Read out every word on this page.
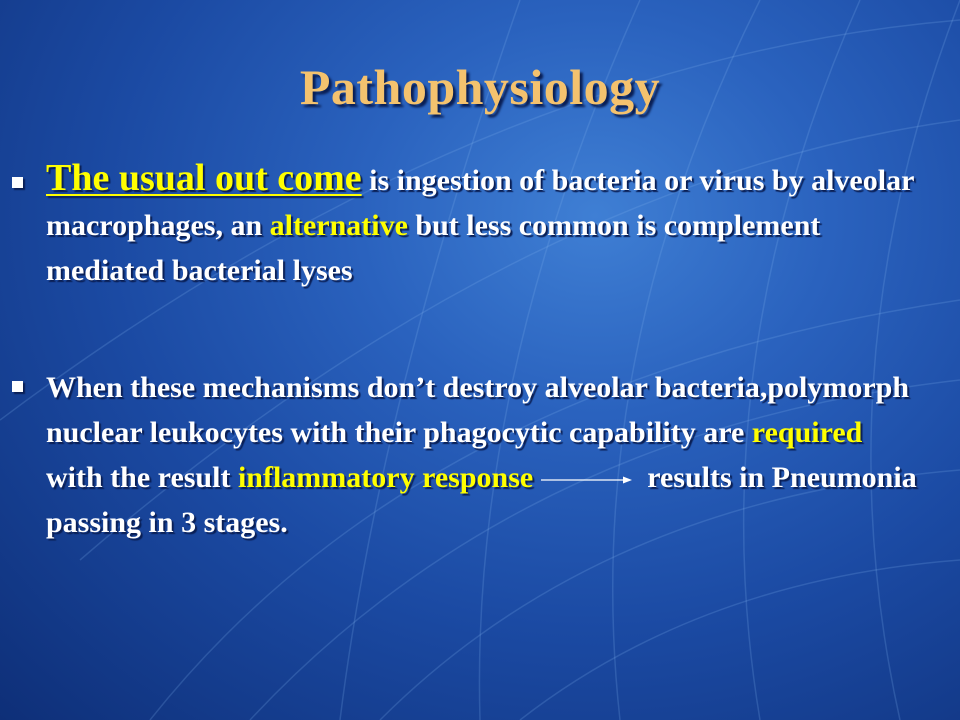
Pathophysiology
The usual out come is ingestion of bacteria or virus by alveolar macrophages, an alternative but less common is complement mediated bacterial lyses
When these mechanisms don’t destroy alveolar bacteria,polymorph nuclear leukocytes with their phagocytic capability are required with the result inflammatory response	results in Pneumonia passing in 3 stages.
